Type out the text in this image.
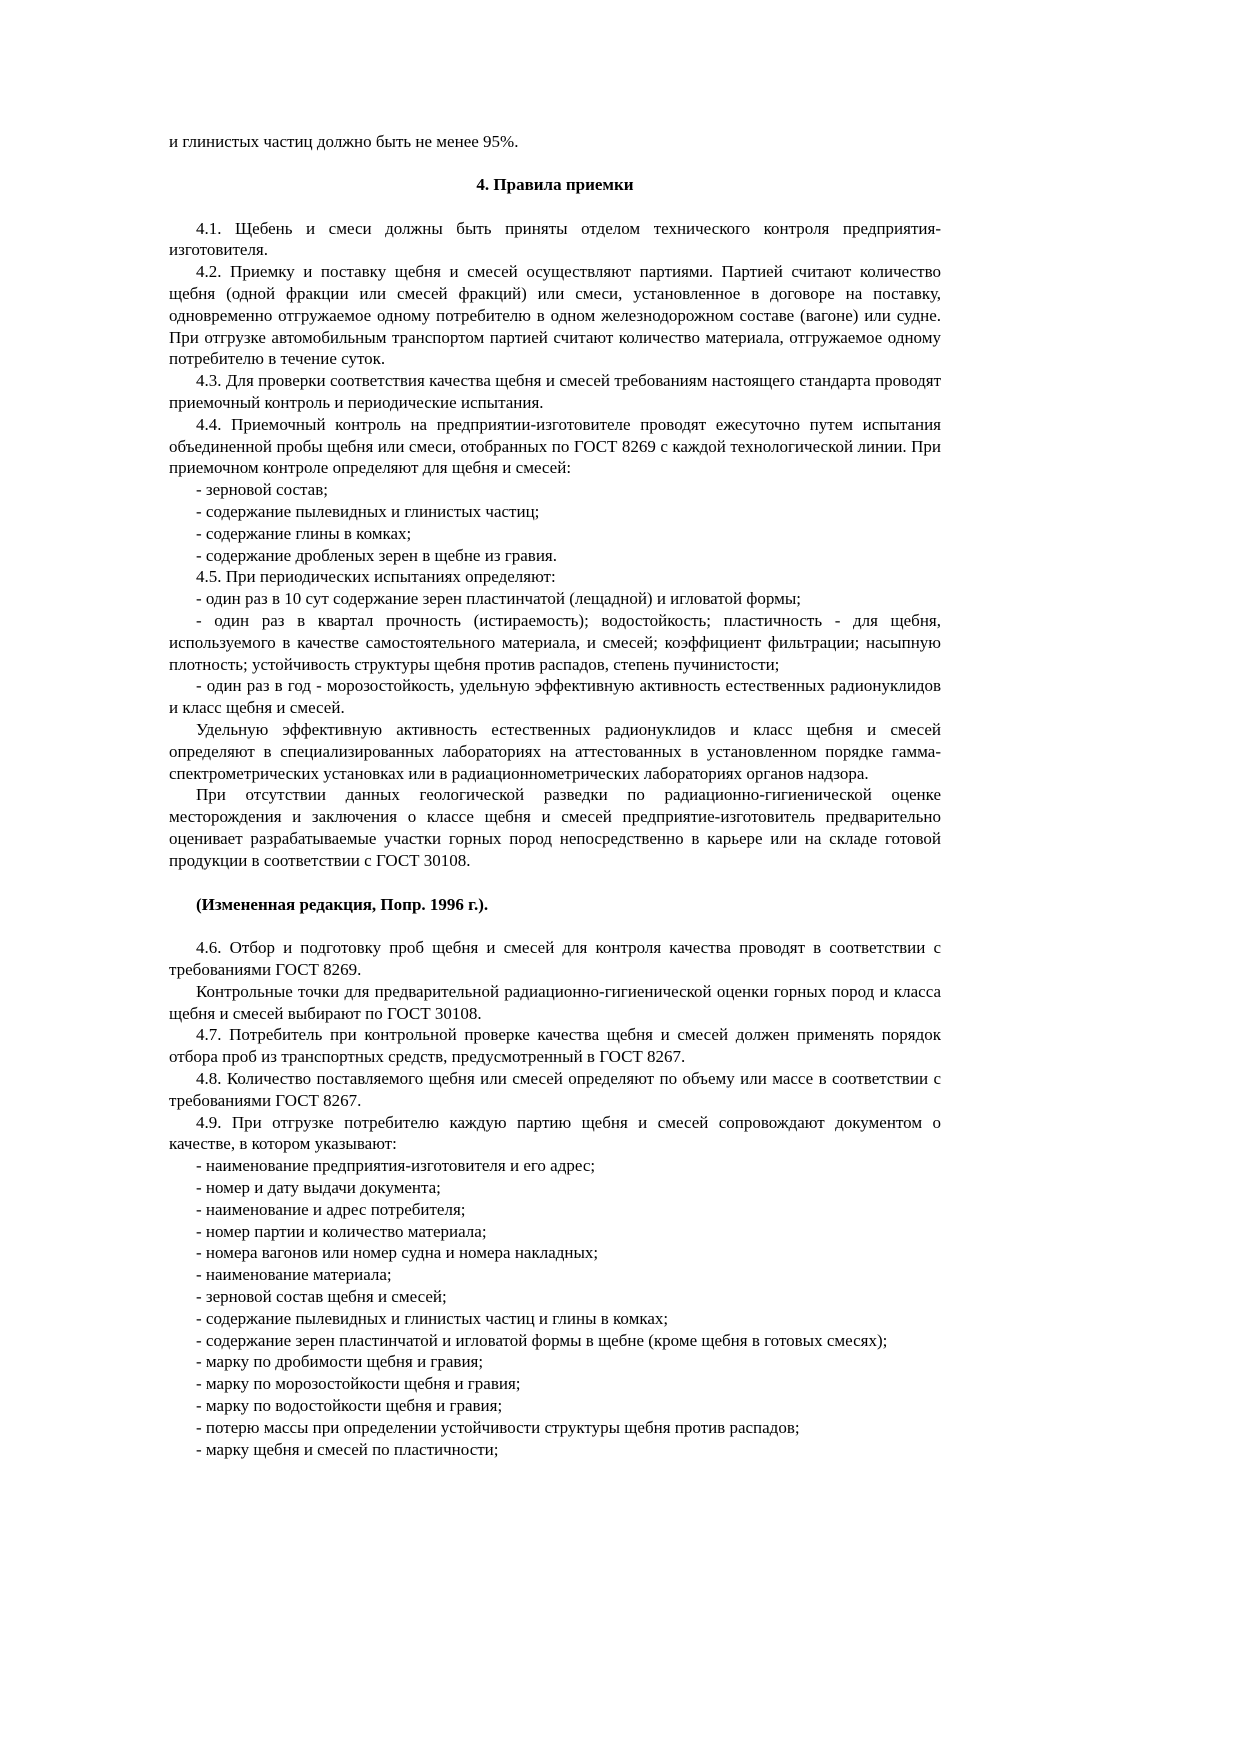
и глинистых частиц должно быть не менее 95%.

4. Правила приемки

4.1. Щебень и смеси должны быть приняты отделом технического контроля предприятия-изготовителя.

4.2. Приемку и поставку щебня и смесей осуществляют партиями. Партией считают количество щебня (одной фракции или смесей фракций) или смеси, установленное в договоре на поставку, одновременно отгружаемое одному потребителю в одном железнодорожном составе (вагоне) или судне. При отгрузке автомобильным транспортом партией считают количество материала, отгружаемое одному потребителю в течение суток.

4.3. Для проверки соответствия качества щебня и смесей требованиям настоящего стандарта проводят приемочный контроль и периодические испытания.

4.4. Приемочный контроль на предприятии-изготовителе проводят ежесуточно путем испытания объединенной пробы щебня или смеси, отобранных по ГОСТ 8269 с каждой технологической линии. При приемочном контроле определяют для щебня и смесей:

- зерновой состав;

- содержание пылевидных и глинистых частиц;

- содержание глины в комках;

- содержание дробленых зерен в щебне из гравия.

4.5. При периодических испытаниях определяют:

- один раз в 10 сут содержание зерен пластинчатой (лещадной) и игловатой формы;

- один раз в квартал прочность (истираемость); водостойкость; пластичность - для щебня, используемого в качестве самостоятельного материала, и смесей; коэффициент фильтрации; насыпную плотность; устойчивость структуры щебня против распадов, степень пучинистости;

- один раз в год - морозостойкость, удельную эффективную активность естественных радионуклидов и класс щебня и смесей.

Удельную эффективную активность естественных радионуклидов и класс щебня и смесей определяют в специализированных лабораториях на аттестованных в установленном порядке гамма-спектрометрических установках или в радиационнометрических лабораториях органов надзора.

При отсутствии данных геологической разведки по радиационно-гигиенической оценке месторождения и заключения о классе щебня и смесей предприятие-изготовитель предварительно оценивает разрабатываемые участки горных пород непосредственно в карьере или на складе готовой продукции в соответствии с ГОСТ 30108.

(Измененная редакция, Попр. 1996 г.).

4.6. Отбор и подготовку проб щебня и смесей для контроля качества проводят в соответствии с требованиями ГОСТ 8269.

Контрольные точки для предварительной радиационно-гигиенической оценки горных пород и класса щебня и смесей выбирают по ГОСТ 30108.

4.7. Потребитель при контрольной проверке качества щебня и смесей должен применять порядок отбора проб из транспортных средств, предусмотренный в ГОСТ 8267.

4.8. Количество поставляемого щебня или смесей определяют по объему или массе в соответствии с требованиями ГОСТ 8267.

4.9. При отгрузке потребителю каждую партию щебня и смесей сопровождают документом о качестве, в котором указывают:

- наименование предприятия-изготовителя и его адрес;

- номер и дату выдачи документа;

- наименование и адрес потребителя;

- номер партии и количество материала;

- номера вагонов или номер судна и номера накладных;

- наименование материала;

- зерновой состав щебня и смесей;

- содержание пылевидных и глинистых частиц и глины в комках;

- содержание зерен пластинчатой и игловатой формы в щебне (кроме щебня в готовых смесях);

- марку по дробимости щебня и гравия;

- марку по морозостойкости щебня и гравия;

- марку по водостойкости щебня и гравия;

- потерю массы при определении устойчивости структуры щебня против распадов;

- марку щебня и смесей по пластичности;
